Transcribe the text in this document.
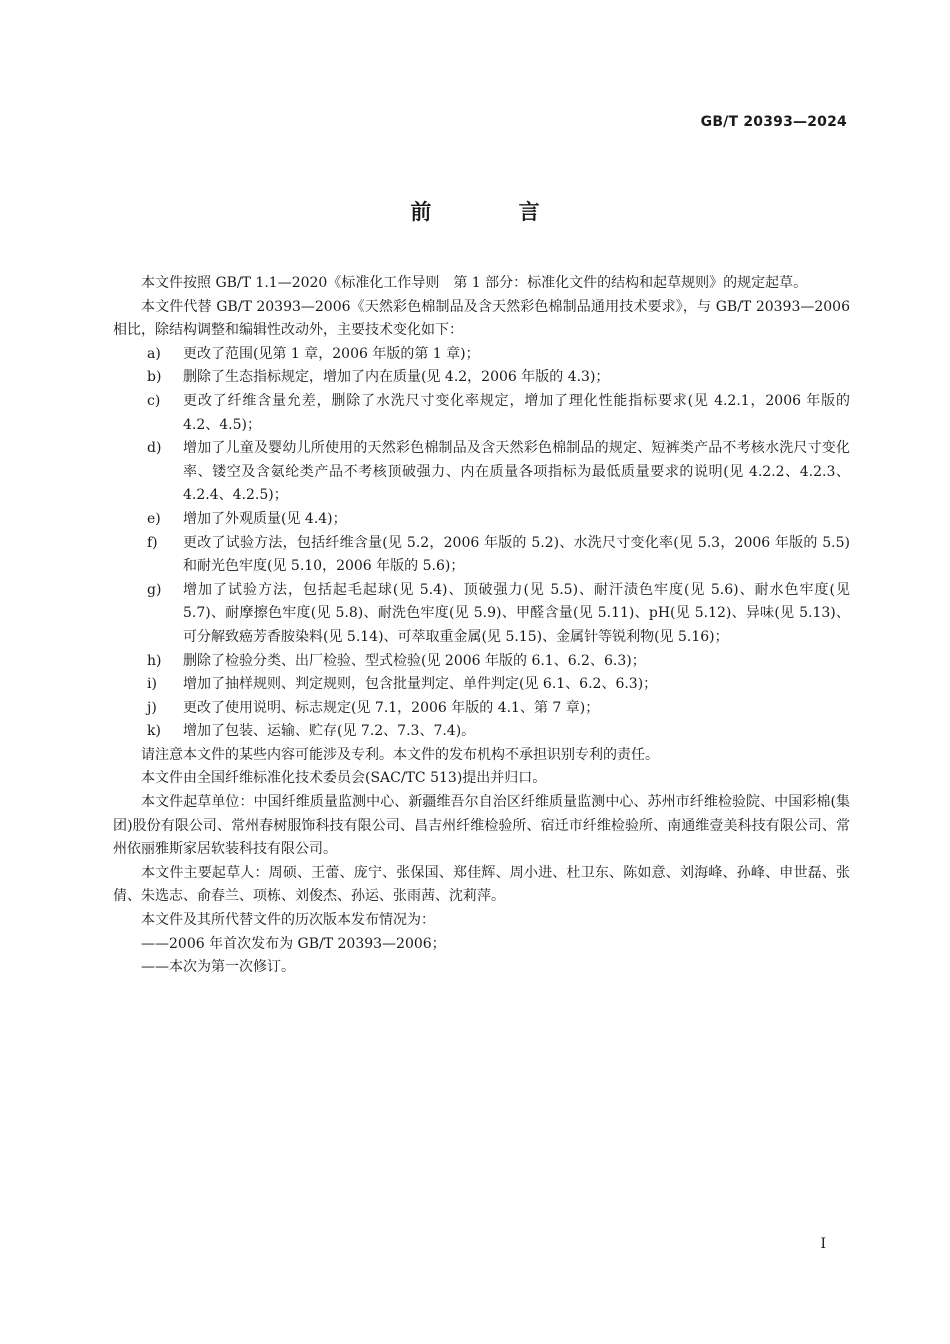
GB/T 20393—2024
前 言

本文件按照 GB/T 1.1—2020《标准化工作导则　第 1 部分：标准化文件的结构和起草规则》的规定起草。

本文件代替 GB/T 20393—2006《天然彩色棉制品及含天然彩色棉制品通用技术要求》，与 GB/T 20393—2006 相比，除结构调整和编辑性改动外，主要技术变化如下：

a)	更改了范围(见第 1 章，2006 年版的第 1 章)；
b)	删除了生态指标规定，增加了内在质量(见 4.2，2006 年版的 4.3)；
c)	更改了纤维含量允差，删除了水洗尺寸变化率规定，增加了理化性能指标要求(见 4.2.1，2006 年版的 4.2、4.5)；
d)	增加了儿童及婴幼儿所使用的天然彩色棉制品及含天然彩色棉制品的规定、短裤类产品不考核水洗尺寸变化率、镂空及含氨纶类产品不考核顶破强力、内在质量各项指标为最低质量要求的说明(见 4.2.2、4.2.3、4.2.4、4.2.5)；
e)	增加了外观质量(见 4.4)；
f)	更改了试验方法，包括纤维含量(见 5.2，2006 年版的 5.2)、水洗尺寸变化率(见 5.3，2006 年版的 5.5)和耐光色牢度(见 5.10，2006 年版的 5.6)；
g)	增加了试验方法，包括起毛起球(见 5.4)、顶破强力(见 5.5)、耐汗渍色牢度(见 5.6)、耐水色牢度(见 5.7)、耐摩擦色牢度(见 5.8)、耐洗色牢度(见 5.9)、甲醛含量(见 5.11)、pH(见 5.12)、异味(见 5.13)、可分解致癌芳香胺染料(见 5.14)、可萃取重金属(见 5.15)、金属针等锐利物(见 5.16)；
h)	删除了检验分类、出厂检验、型式检验(见 2006 年版的 6.1、6.2、6.3)；
i)	增加了抽样规则、判定规则，包含批量判定、单件判定(见 6.1、6.2、6.3)；
j)	更改了使用说明、标志规定(见 7.1，2006 年版的 4.1、第 7 章)；
k)	增加了包装、运输、贮存(见 7.2、7.3、7.4)。

请注意本文件的某些内容可能涉及专利。本文件的发布机构不承担识别专利的责任。

本文件由全国纤维标准化技术委员会(SAC/TC 513)提出并归口。

本文件起草单位：中国纤维质量监测中心、新疆维吾尔自治区纤维质量监测中心、苏州市纤维检验院、中国彩棉(集团)股份有限公司、常州春树服饰科技有限公司、昌吉州纤维检验所、宿迁市纤维检验所、南通维壹美科技有限公司、常州依丽雅斯家居软装科技有限公司。

本文件主要起草人：周硕、王蕾、庞宁、张保国、郑佳辉、周小进、杜卫东、陈如意、刘海峰、孙峰、申世磊、张倩、朱选志、俞春兰、项栋、刘俊杰、孙运、张雨茜、沈莉萍。

本文件及其所代替文件的历次版本发布情况为：

——2006 年首次发布为 GB/T 20393—2006；

——本次为第一次修订。

I
